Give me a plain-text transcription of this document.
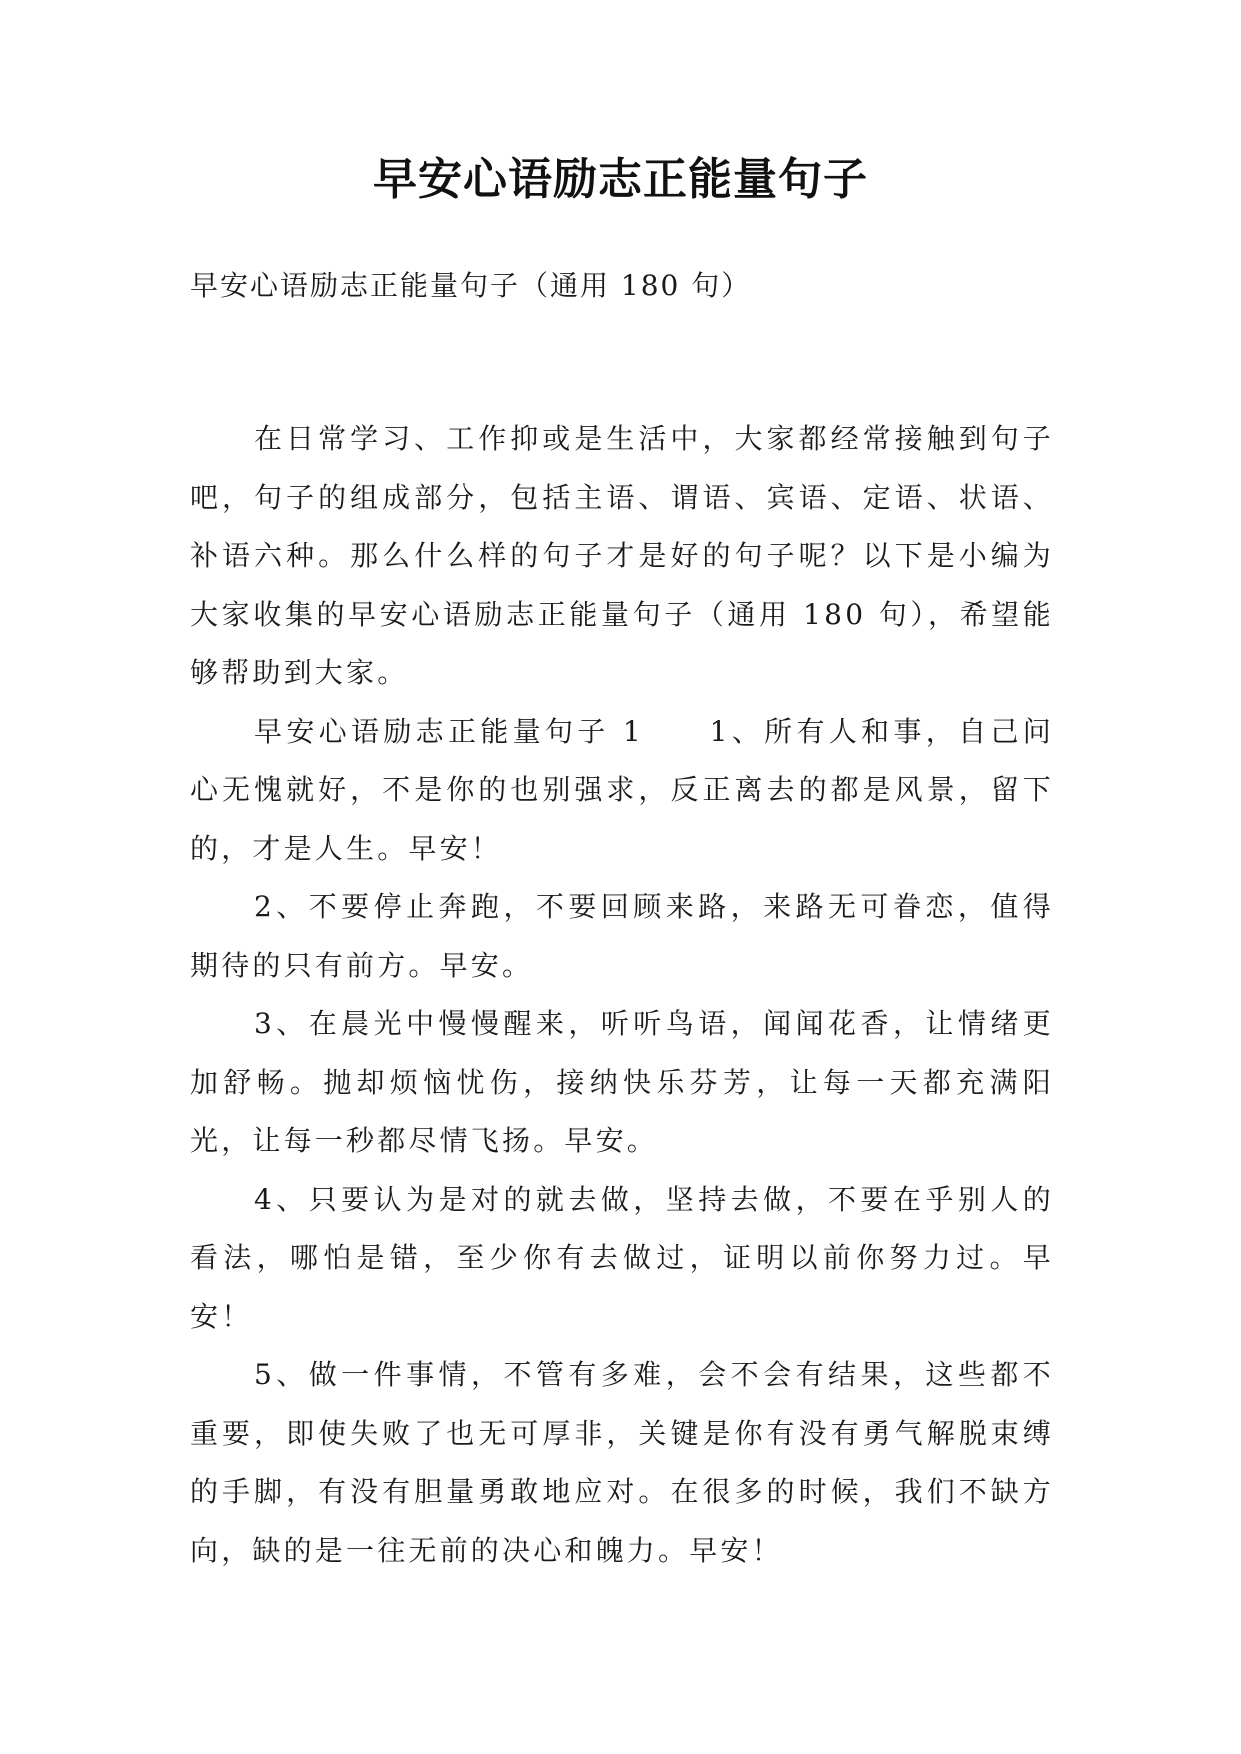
早安心语励志正能量句子
早安心语励志正能量句子（通用 180 句）

在日常学习、工作抑或是生活中，大家都经常接触到句子吧，句子的组成部分，包括主语、谓语、宾语、定语、状语、补语六种。那么什么样的句子才是好的句子呢？以下是小编为大家收集的早安心语励志正能量句子（通用 180 句），希望能够帮助到大家。

早安心语励志正能量句子 1　　1、所有人和事，自己问心无愧就好，不是你的也别强求，反正离去的都是风景，留下的，才是人生。早安！

2、不要停止奔跑，不要回顾来路，来路无可眷恋，值得期待的只有前方。早安。

3、在晨光中慢慢醒来，听听鸟语，闻闻花香，让情绪更加舒畅。抛却烦恼忧伤，接纳快乐芬芳，让每一天都充满阳光，让每一秒都尽情飞扬。早安。

4、只要认为是对的就去做，坚持去做，不要在乎别人的看法，哪怕是错，至少你有去做过，证明以前你努力过。早安！

5、做一件事情，不管有多难，会不会有结果，这些都不重要，即使失败了也无可厚非，关键是你有没有勇气解脱束缚的手脚，有没有胆量勇敢地应对。在很多的时候，我们不缺方向，缺的是一往无前的决心和魄力。早安！
